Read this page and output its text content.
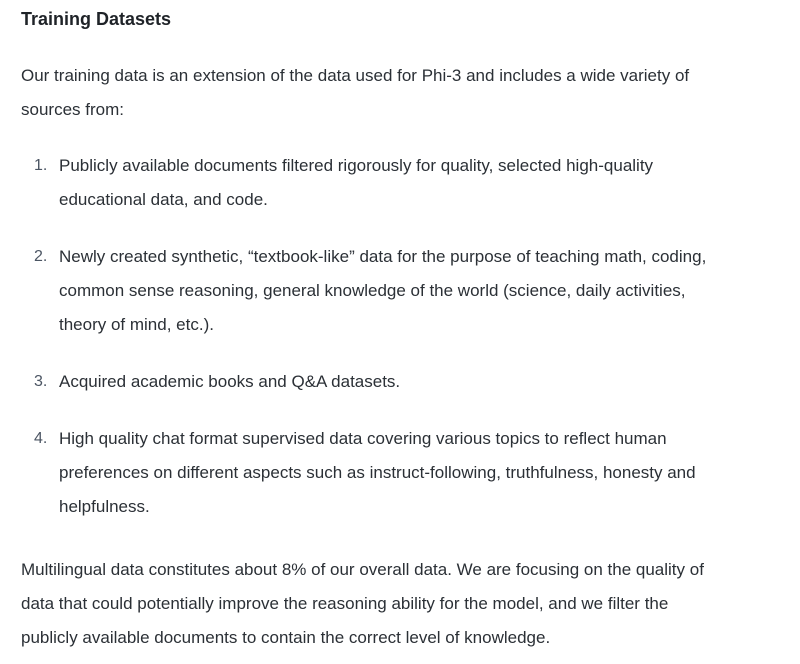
Training Datasets

Our training data is an extension of the data used for Phi-3 and includes a wide variety of sources from:

1. Publicly available documents filtered rigorously for quality, selected high-quality educational data, and code.
2. Newly created synthetic, “textbook-like” data for the purpose of teaching math, coding, common sense reasoning, general knowledge of the world (science, daily activities, theory of mind, etc.).
3. Acquired academic books and Q&A datasets.
4. High quality chat format supervised data covering various topics to reflect human preferences on different aspects such as instruct-following, truthfulness, honesty and helpfulness.

Multilingual data constitutes about 8% of our overall data. We are focusing on the quality of data that could potentially improve the reasoning ability for the model, and we filter the publicly available documents to contain the correct level of knowledge.
